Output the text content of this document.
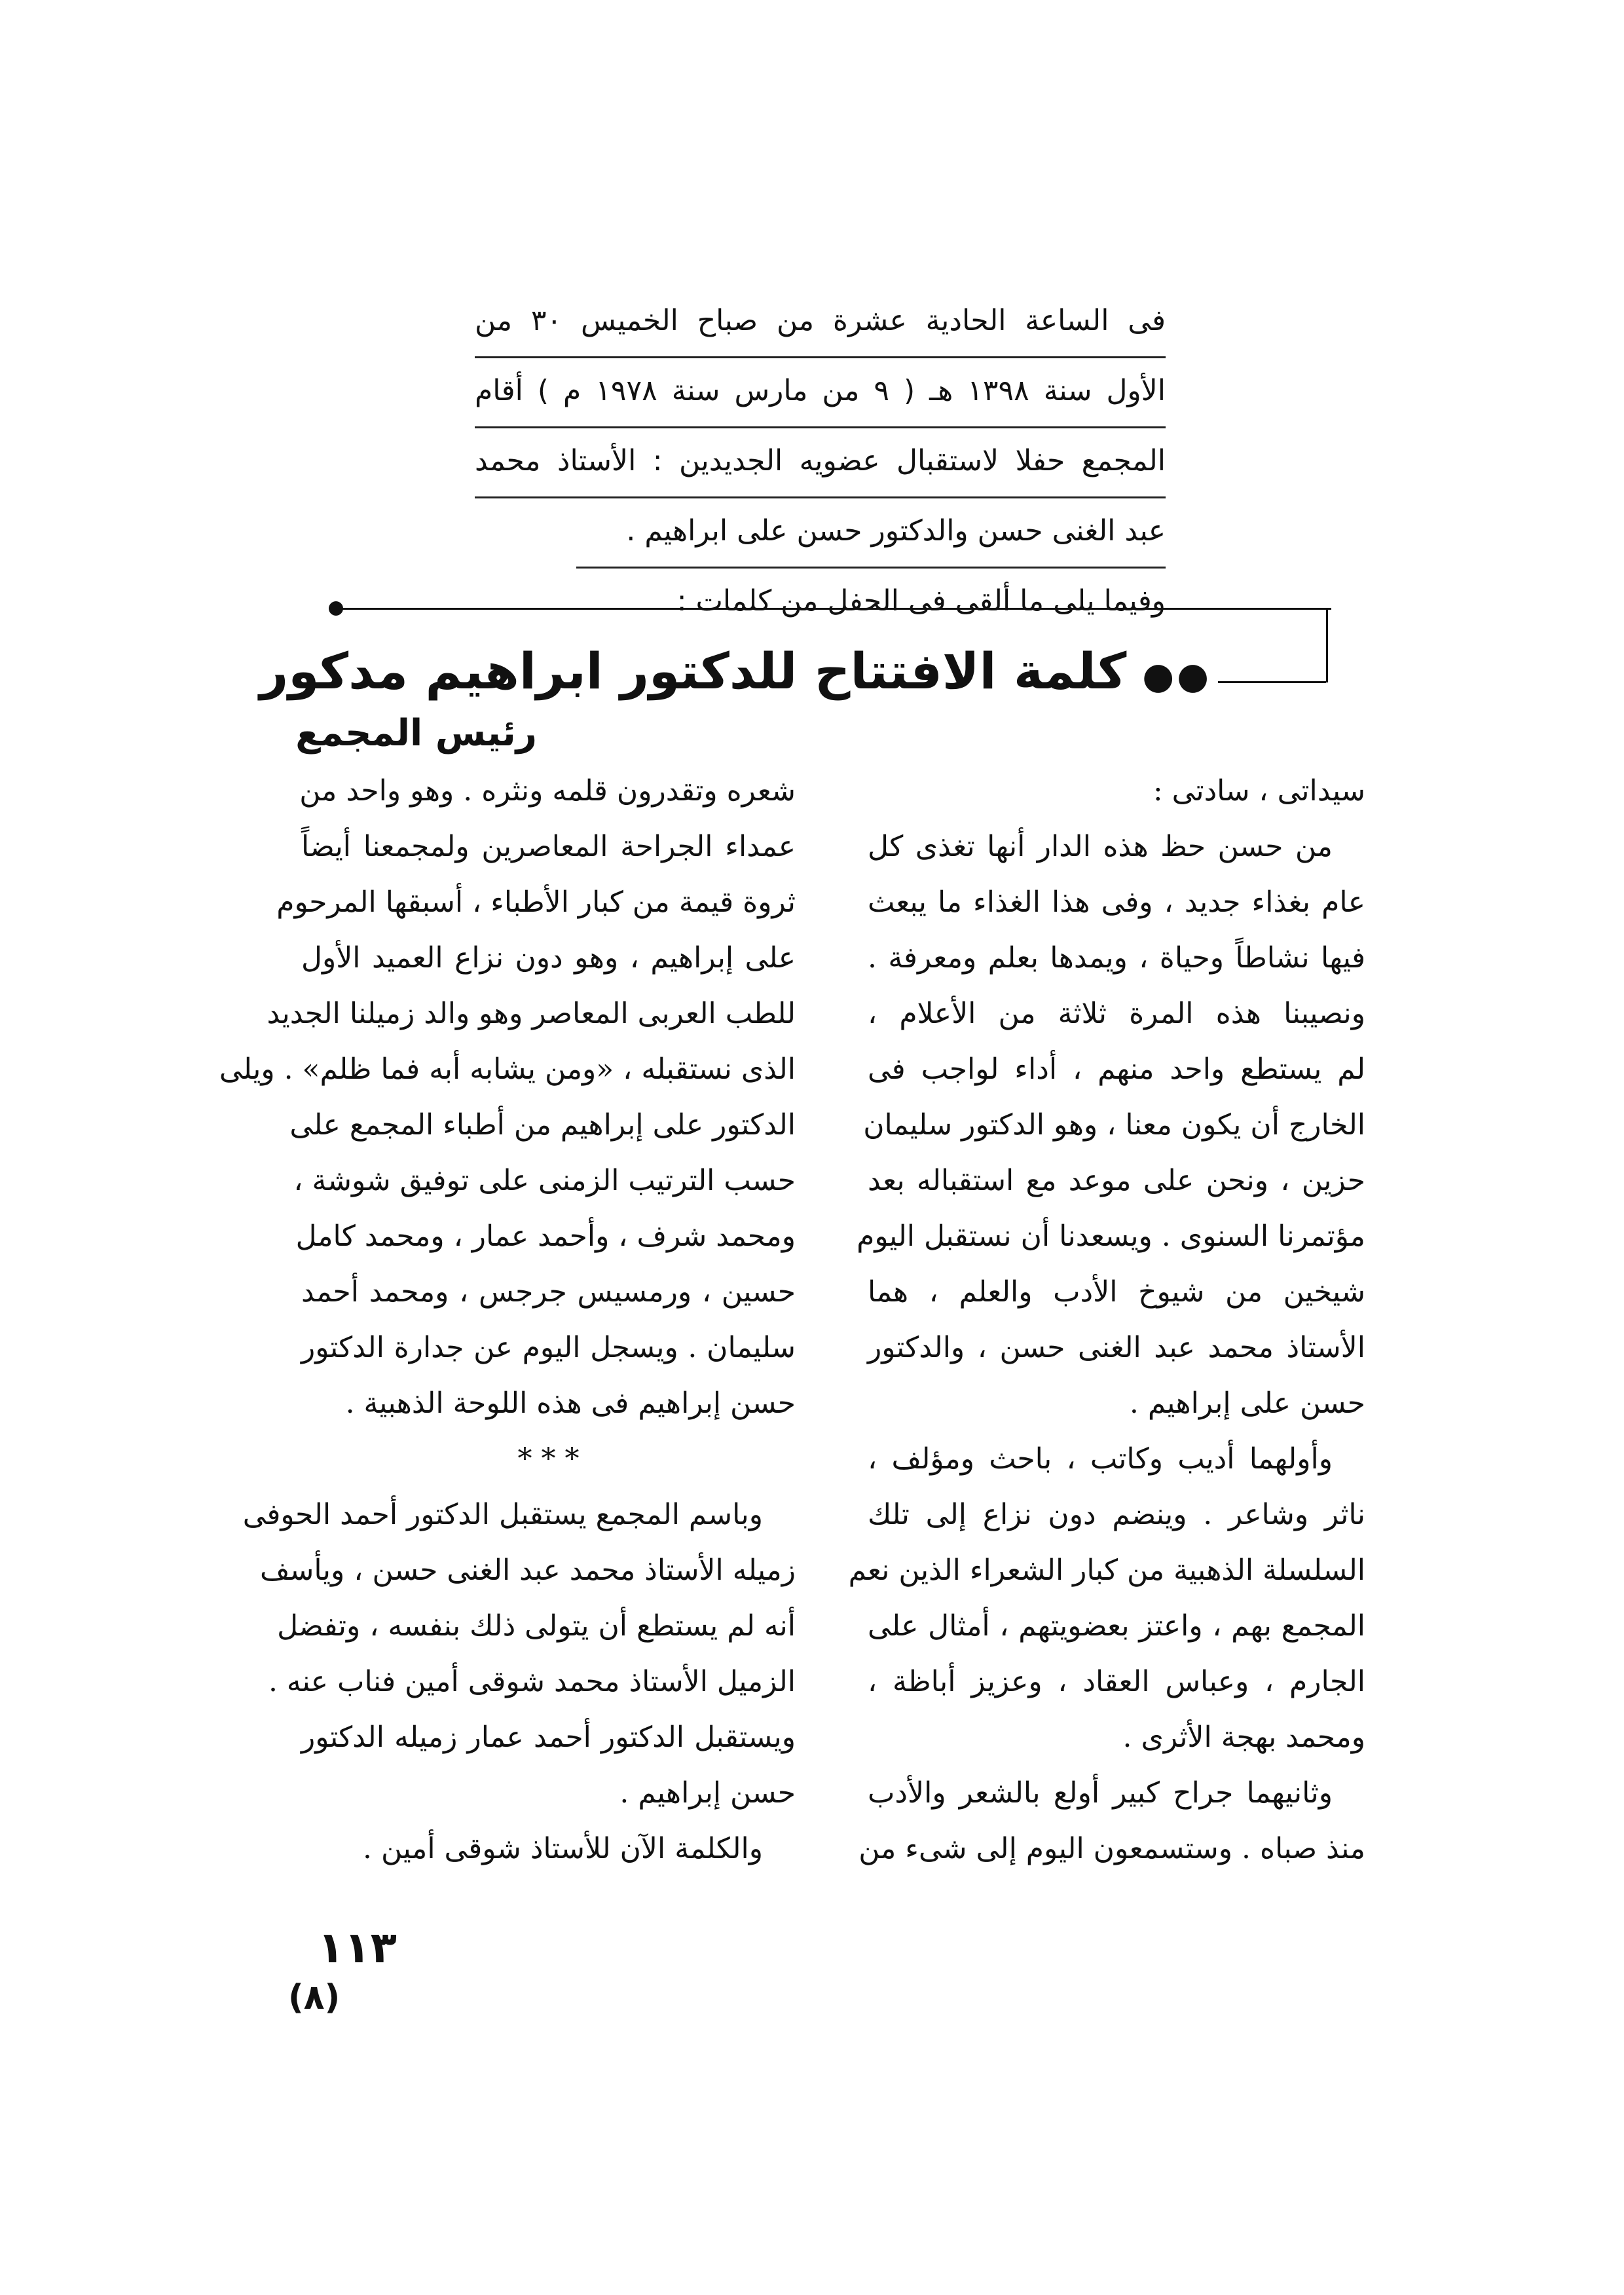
فى الساعة الحادية عشرة من صباح الخميس ٣٠ من
الأول سنة ١٣٩٨ هـ ( ٩ من مارس سنة ١٩٧٨ م ) أقام
المجمع حفلا لاستقبال عضويه الجديدين : الأستاذ محمد
عبد الغنى حسن والدكتور حسن على ابراهيم .
وفيما يلى ما ألقى فى الحفل من كلمات :
●●كلمة الافتتاح للدكتور ابراهيم مدكور
رئيس المجمع

سيداتى ، سادتى :

من حسن حظ هذه الدار أنها تغذى كل

عام بغذاء جديد ، وفى هذا الغذاء ما يبعث

فيها نشاطاً وحياة ، ويمدها بعلم ومعرفة .

ونصيبنا هذه المرة ثلاثة من الأعلام ،

لم يستطع واحد منهم ، أداء لواجب فى

الخارج أن يكون معنا ، وهو الدكتور سليمان

حزين ، ونحن على موعد مع استقباله بعد

مؤتمرنا السنوى . ويسعدنا أن نستقبل اليوم

شيخين من شيوخ الأدب والعلم ، هما

الأستاذ محمد عبد الغنى حسن ، والدكتور

حسن على إبراهيم .

وأولهما أديب وكاتب ، باحث ومؤلف ،

ناثر وشاعر . وينضم دون نزاع إلى تلك

السلسلة الذهبية من كبار الشعراء الذين نعم

المجمع بهم ، واعتز بعضويتهم ، أمثال على

الجارم ، وعباس العقاد ، وعزيز أباظة ،

ومحمد بهجة الأثرى .

وثانيهما جراح كبير أولع بالشعر والأدب

منذ صباه . وستسمعون اليوم إلى شىء من

شعره وتقدرون قلمه ونثره . وهو واحد من

عمداء الجراحة المعاصرين ولمجمعنا أيضاً

ثروة قيمة من كبار الأطباء ، أسبقها المرحوم

على إبراهيم ، وهو دون نزاع العميد الأول

للطب العربى المعاصر وهو والد زميلنا الجديد

الذى نستقبله ، «ومن يشابه أبه فما ظلم» . ويلى

الدكتور على إبراهيم من أطباء المجمع على

حسب الترتيب الزمنى على توفيق شوشة ،

ومحمد شرف ، وأحمد عمار ، ومحمد كامل

حسين ، ورمسيس جرجس ، ومحمد أحمد

سليمان . ويسجل اليوم عن جدارة الدكتور

حسن إبراهيم فى هذه اللوحة الذهبية .

* * *

وباسم المجمع يستقبل الدكتور أحمد الحوفى

زميله الأستاذ محمد عبد الغنى حسن ، ويأسف

أنه لم يستطع أن يتولى ذلك بنفسه ، وتفضل

الزميل الأستاذ محمد شوقى أمين فناب عنه .

ويستقبل الدكتور أحمد عمار زميله الدكتور

حسن إبراهيم .

والكلمة الآن للأستاذ شوقى أمين .

١١٣
(٨)
